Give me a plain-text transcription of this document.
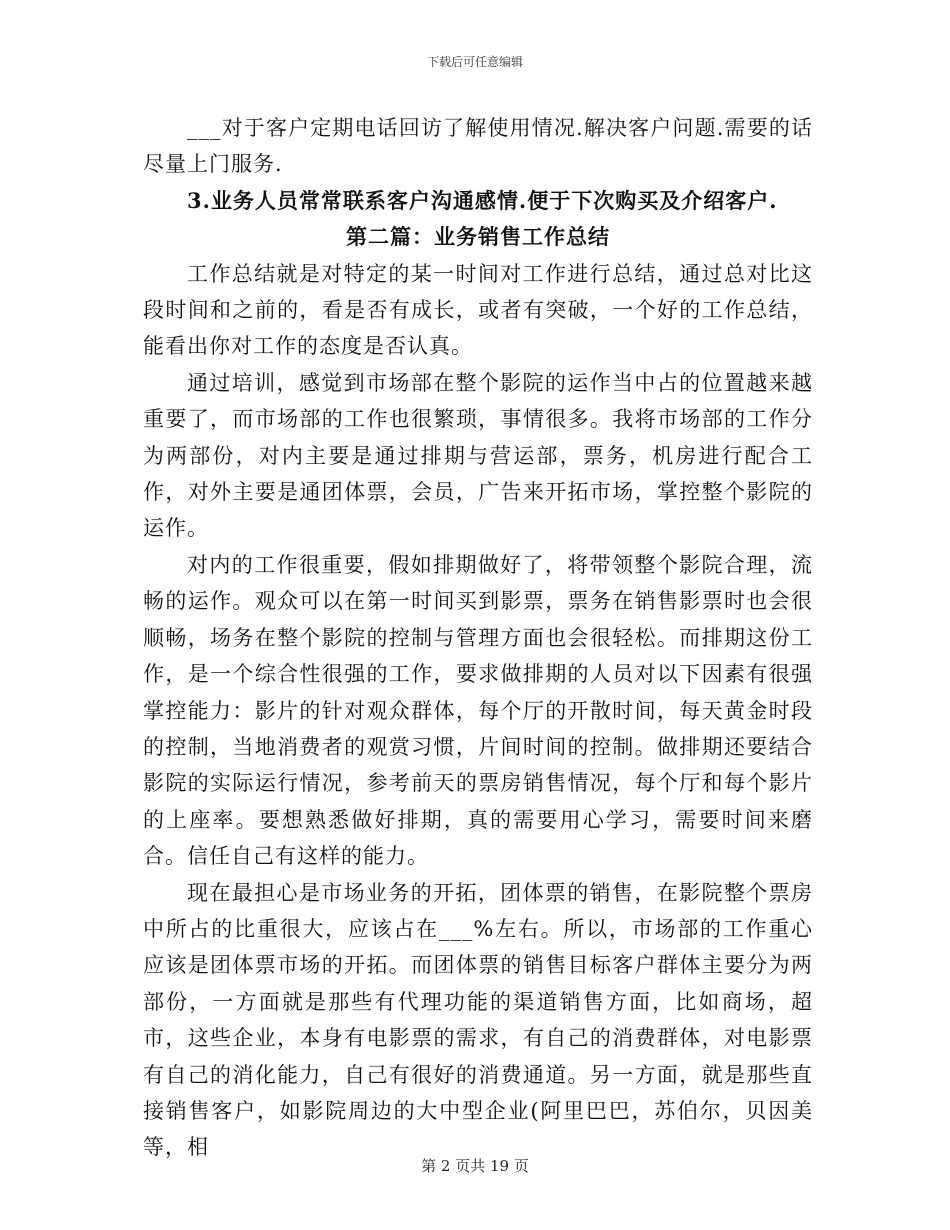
下载后可任意编辑

___对于客户定期电话回访了解使用情况.解决客户问题.需要的话尽量上门服务.

3.业务人员常常联系客户沟通感情.便于下次购买及介绍客户.

第二篇：业务销售工作总结

工作总结就是对特定的某一时间对工作进行总结，通过总对比这段时间和之前的，看是否有成长，或者有突破，一个好的工作总结，能看出你对工作的态度是否认真。

通过培训，感觉到市场部在整个影院的运作当中占的位置越来越重要了，而市场部的工作也很繁琐，事情很多。我将市场部的工作分为两部份，对内主要是通过排期与营运部，票务，机房进行配合工作，对外主要是通团体票，会员，广告来开拓市场，掌控整个影院的运作。

对内的工作很重要，假如排期做好了，将带领整个影院合理，流畅的运作。观众可以在第一时间买到影票，票务在销售影票时也会很顺畅，场务在整个影院的控制与管理方面也会很轻松。而排期这份工作，是一个综合性很强的工作，要求做排期的人员对以下因素有很强掌控能力：影片的针对观众群体，每个厅的开散时间，每天黄金时段的控制，当地消费者的观赏习惯，片间时间的控制。做排期还要结合影院的实际运行情况，参考前天的票房销售情况，每个厅和每个影片的上座率。要想熟悉做好排期，真的需要用心学习，需要时间来磨合。信任自己有这样的能力。

现在最担心是市场业务的开拓，团体票的销售，在影院整个票房中所占的比重很大，应该占在___%左右。所以，市场部的工作重心应该是团体票市场的开拓。而团体票的销售目标客户群体主要分为两部份，一方面就是那些有代理功能的渠道销售方面，比如商场，超市，这些企业，本身有电影票的需求，有自己的消费群体，对电影票有自己的消化能力，自己有很好的消费通道。另一方面，就是那些直接销售客户，如影院周边的大中型企业(阿里巴巴，苏伯尔，贝因美等，相

第 2 页共 19 页
